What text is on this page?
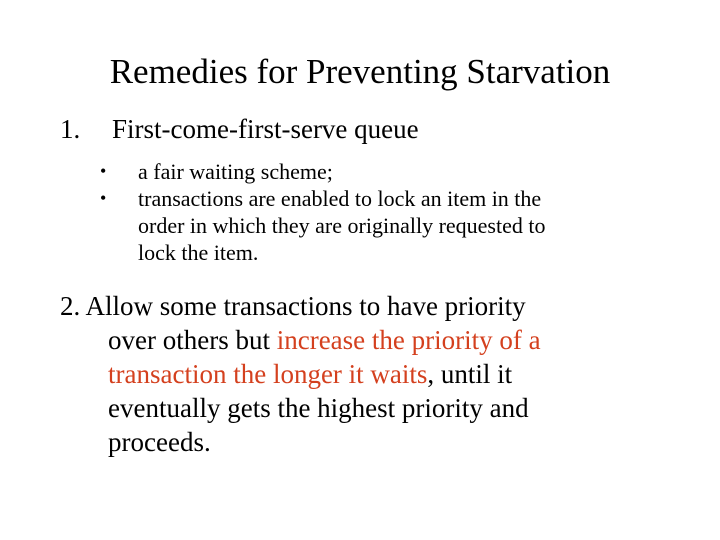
Remedies for Preventing Starvation
1. First-come-first-serve queue
• a fair waiting scheme;
• transactions are enabled to lock an item in the
order in which they are originally requested to
lock the item.
2. Allow some transactions to have priority
over others but increase the priority of a
transaction the longer it waits, until it
eventually gets the highest priority and
proceeds.
